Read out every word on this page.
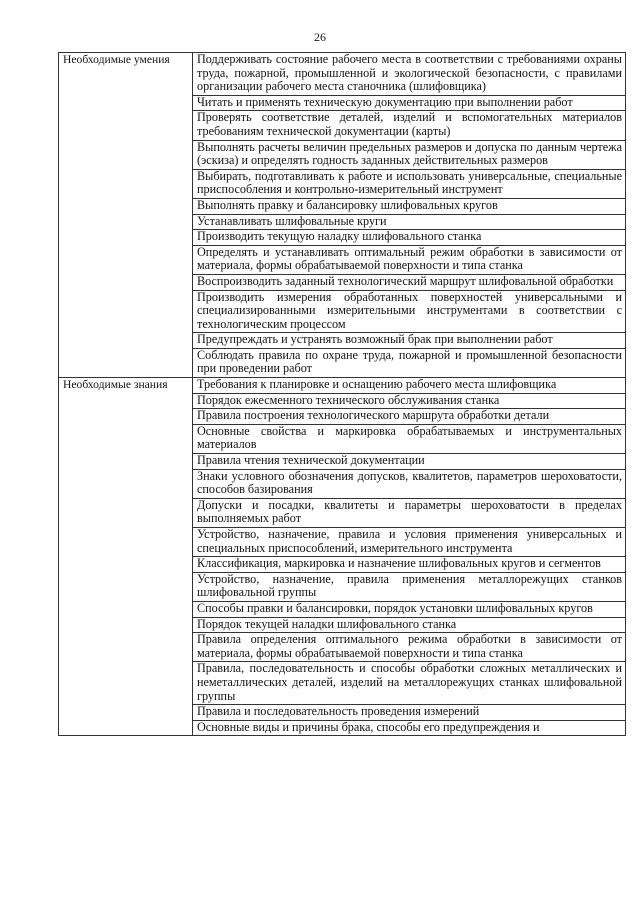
26
Необходимые умения	Поддерживать состояние рабочего места в соответствии с требованиями охраны труда, пожарной, промышленной и экологической безопасности, с правилами организации рабочего места станочника (шлифовщика)
	Читать и применять техническую документацию при выполнении работ
	Проверять соответствие деталей, изделий и вспомогательных материалов требованиям технической документации (карты)
	Выполнять расчеты величин предельных размеров и допуска по данным чертежа (эскиза) и определять годность заданных действительных размеров
	Выбирать, подготавливать к работе и использовать универсальные, специальные приспособления и контрольно-измерительный инструмент
	Выполнять правку и балансировку шлифовальных кругов
	Устанавливать шлифовальные круги
	Производить текущую наладку шлифовального станка
	Определять и устанавливать оптимальный режим обработки в зависимости от материала, формы обрабатываемой поверхности и типа станка
	Воспроизводить заданный технологический маршрут шлифовальной обработки
	Производить измерения обработанных поверхностей универсальными и специализированными измерительными инструментами в соответствии с технологическим процессом
	Предупреждать и устранять возможный брак при выполнении работ
	Соблюдать правила по охране труда, пожарной и промышленной безопасности при проведении работ
Необходимые знания	Требования к планировке и оснащению рабочего места шлифовщика
	Порядок ежесменного технического обслуживания станка
	Правила построения технологического маршрута обработки детали
	Основные свойства и маркировка обрабатываемых и инструментальных материалов
	Правила чтения технической документации
	Знаки условного обозначения допусков, квалитетов, параметров шероховатости, способов базирования
	Допуски и посадки, квалитеты и параметры шероховатости в пределах выполняемых работ
	Устройство, назначение, правила и условия применения универсальных и специальных приспособлений, измерительного инструмента
	Классификация, маркировка и назначение шлифовальных кругов и сегментов
	Устройство, назначение, правила применения металлорежущих станков шлифовальной группы
	Способы правки и балансировки, порядок установки шлифовальных кругов
	Порядок текущей наладки шлифовального станка
	Правила определения оптимального режима обработки в зависимости от материала, формы обрабатываемой поверхности и типа станка
	Правила, последовательность и способы обработки сложных металлических и неметаллических деталей, изделий на металлорежущих станках шлифовальной группы
	Правила и последовательность проведения измерений
	Основные виды и причины брака, способы его предупреждения и
